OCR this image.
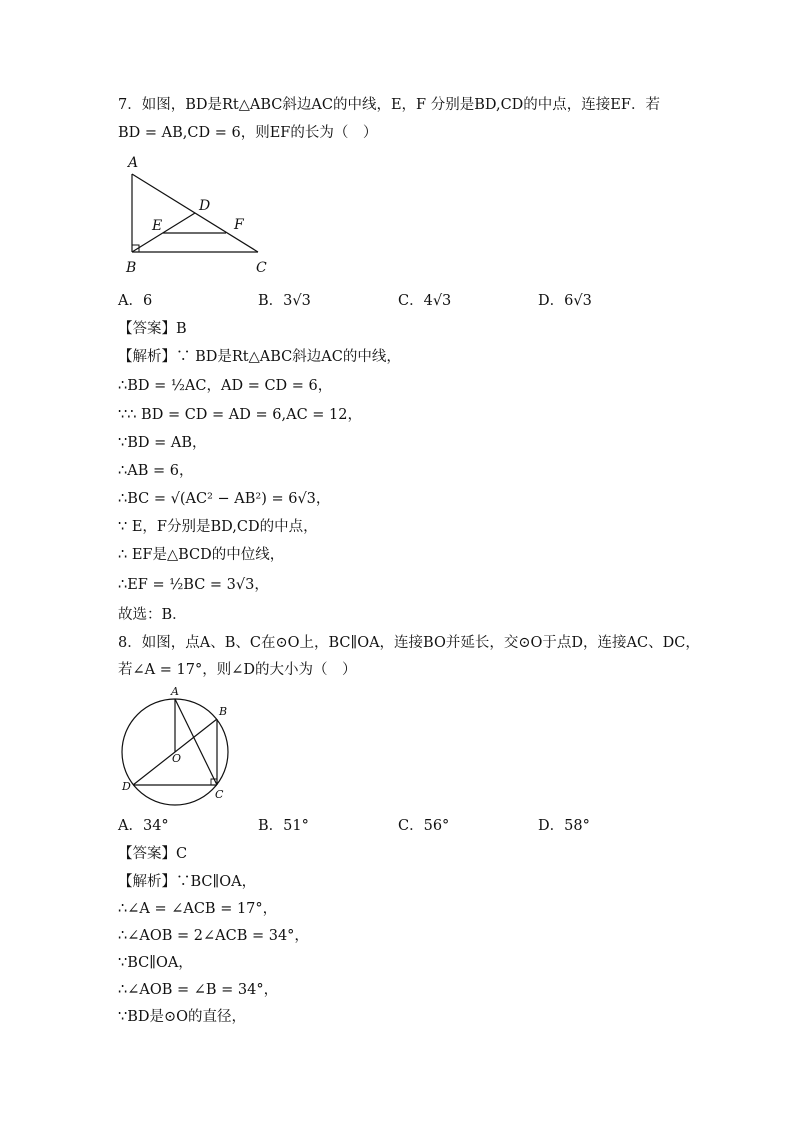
7．如图，BD是Rt△ABC斜边AC的中线，E，F 分别是BD,CD的中点，连接EF．若
BD = AB,CD = 6，则EF的长为（　）
A
B	C
D
E	F
A．6	B．3√3	C．4√3	D．6√3
【答案】B
【解析】∵ BD是Rt△ABC斜边AC的中线，
∴BD = ½AC，AD = CD = 6，
∵∴ BD = CD = AD = 6,AC = 12，
∵BD = AB，
∴AB = 6，
∴BC = √(AC² − AB²) = 6√3，
∵ E，F分别是BD,CD的中点，
∴ EF是△BCD的中位线，
∴EF = ½BC = 3√3，
故选：B．
8．如图，点A、B、C在⊙O上，BC∥OA，连接BO并延长，交⊙O于点D，连接AC、DC，
若∠A = 17°，则∠D的大小为（　）
A
B
C
D
O
A．34°	B．51°	C．56°	D．58°
【答案】C
【解析】∵BC∥OA，
∴∠A = ∠ACB = 17°，
∴∠AOB = 2∠ACB = 34°，
∵BC∥OA，
∴∠AOB = ∠B = 34°，
∵BD是⊙O的直径，
